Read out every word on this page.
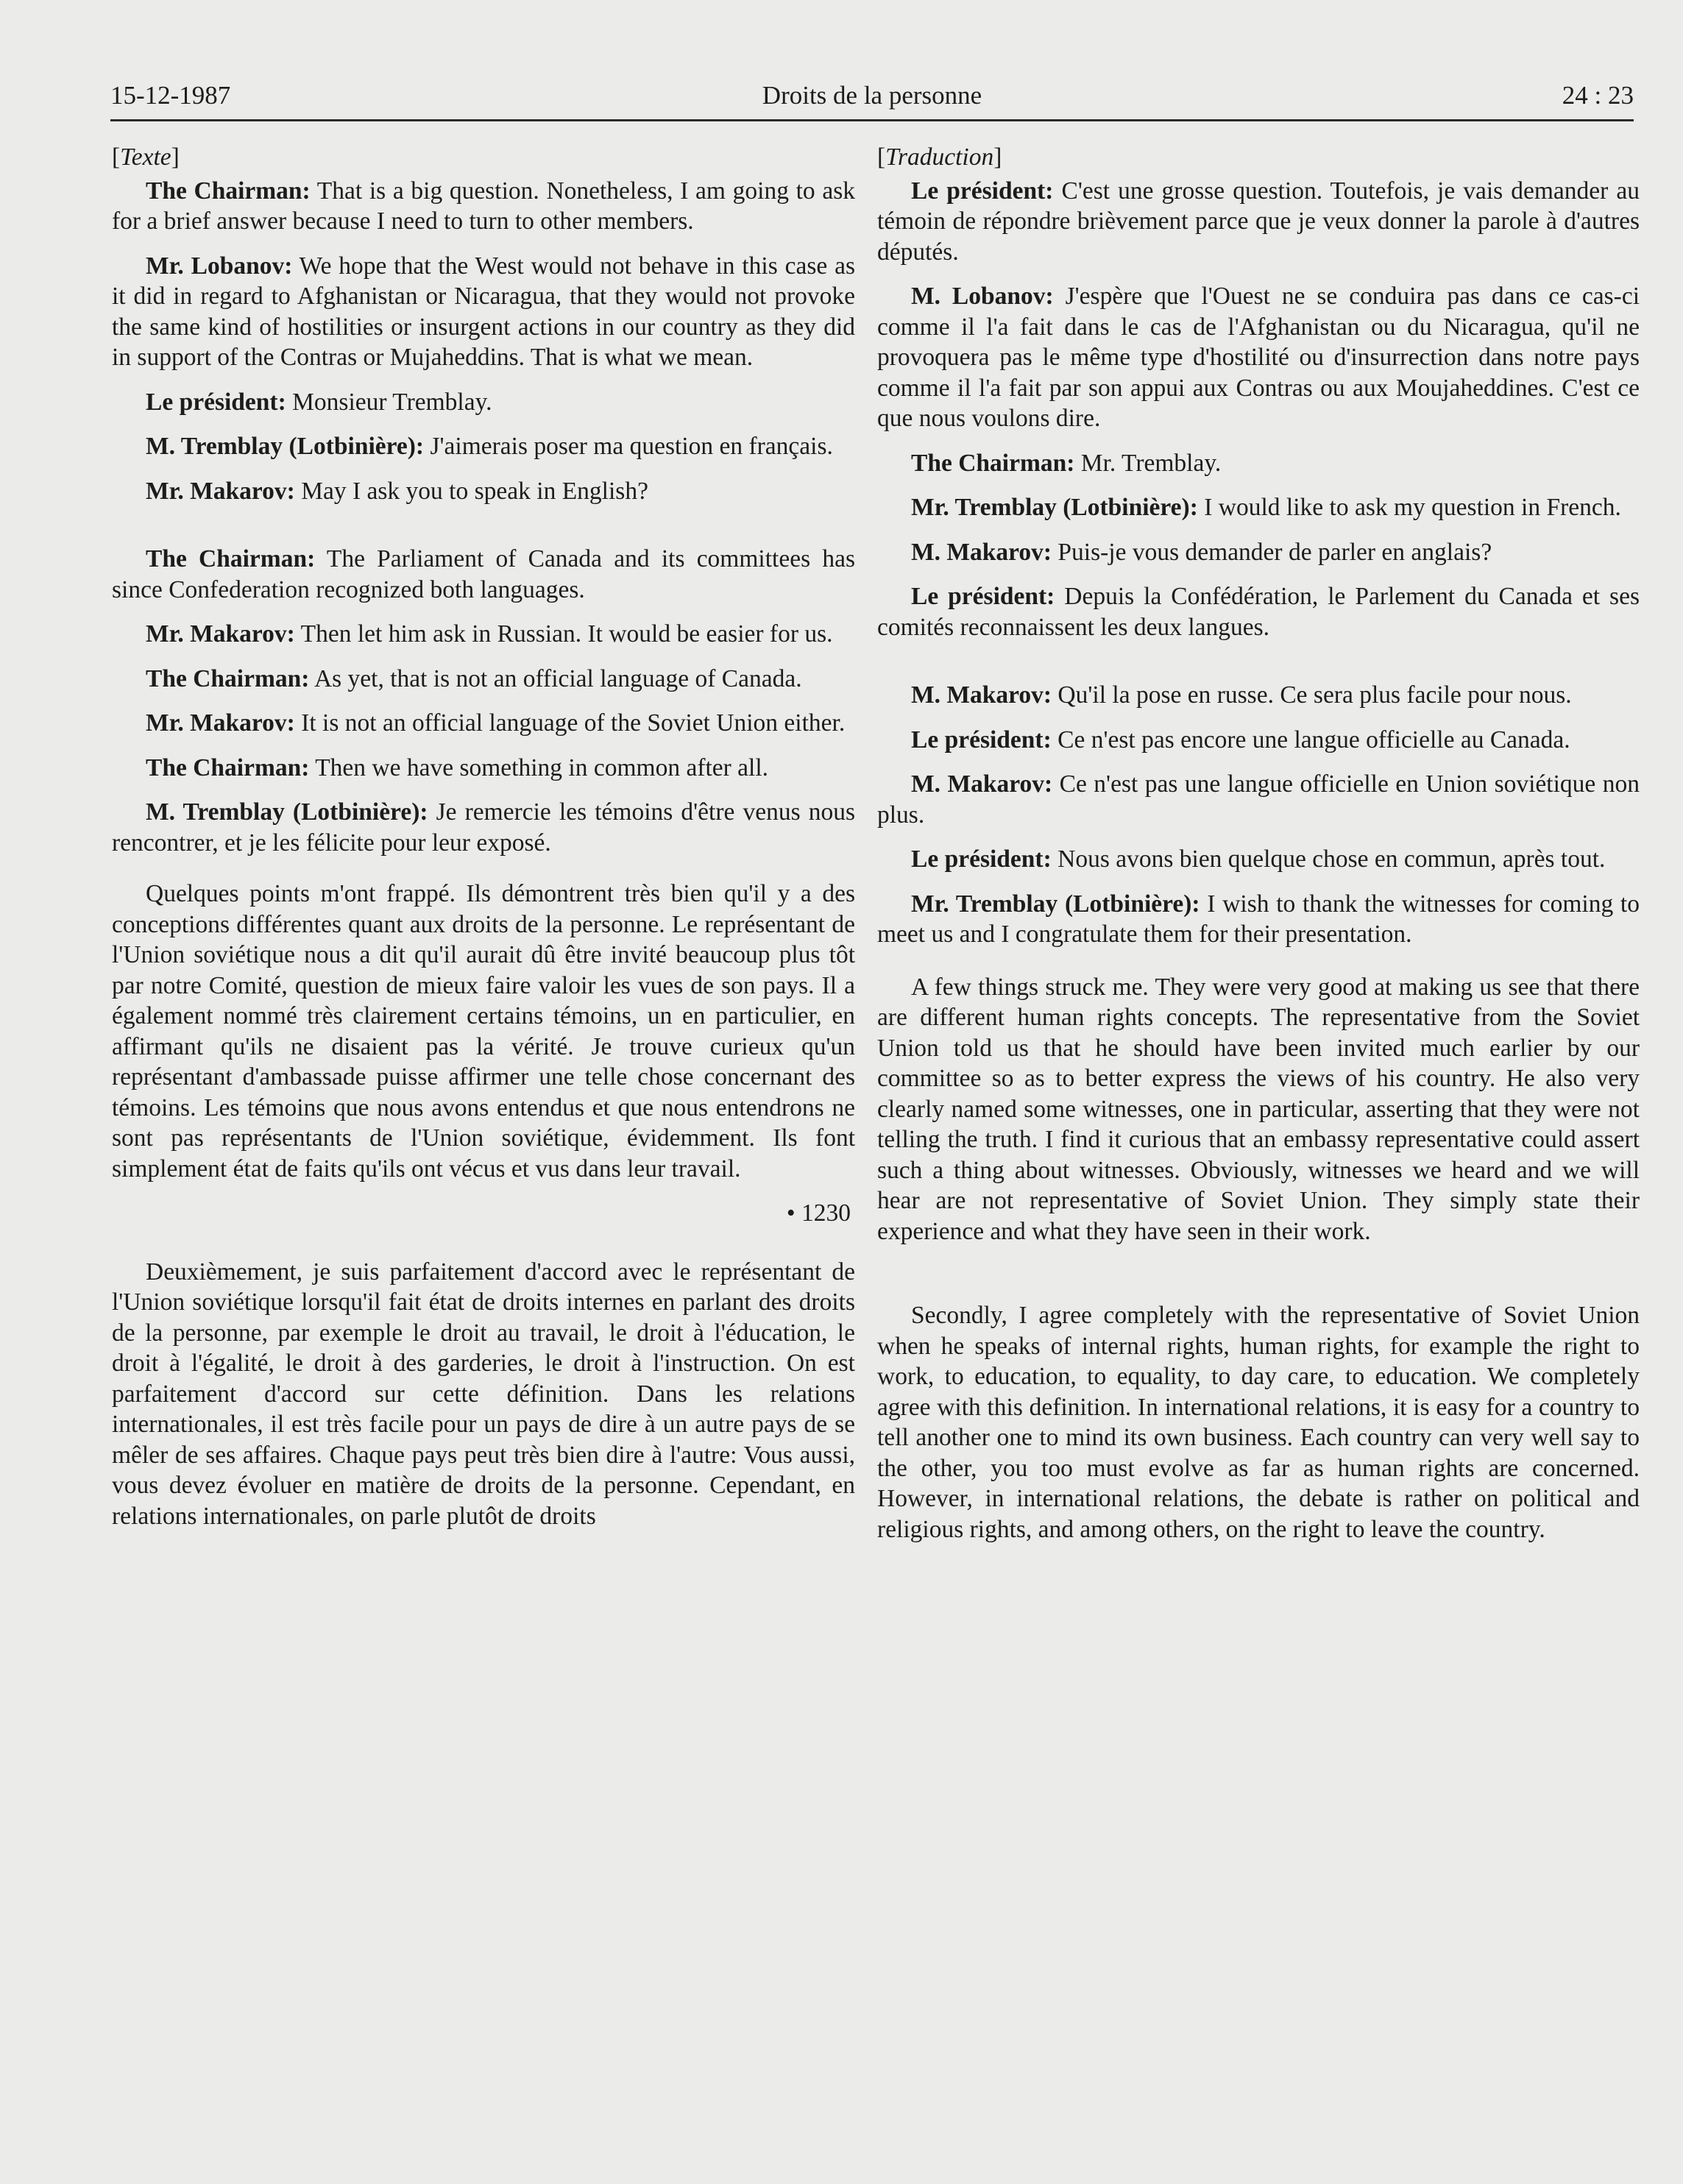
15-12-1987	Droits de la personne	24 : 23
[Texte]

The Chairman: That is a big question. Nonetheless, I am going to ask for a brief answer because I need to turn to other members.

Mr. Lobanov: We hope that the West would not behave in this case as it did in regard to Afghanistan or Nicaragua, that they would not provoke the same kind of hostilities or insurgent actions in our country as they did in support of the Contras or Mujaheddins. That is what we mean.

Le président: Monsieur Tremblay.

M. Tremblay (Lotbinière): J'aimerais poser ma question en français.

Mr. Makarov: May I ask you to speak in English?

The Chairman: The Parliament of Canada and its committees has since Confederation recognized both languages.

Mr. Makarov: Then let him ask in Russian. It would be easier for us.

The Chairman: As yet, that is not an official language of Canada.

Mr. Makarov: It is not an official language of the Soviet Union either.

The Chairman: Then we have something in common after all.

M. Tremblay (Lotbinière): Je remercie les témoins d'être venus nous rencontrer, et je les félicite pour leur exposé.

Quelques points m'ont frappé. Ils démontrent très bien qu'il y a des conceptions différentes quant aux droits de la personne. Le représentant de l'Union soviétique nous a dit qu'il aurait dû être invité beaucoup plus tôt par notre Comité, question de mieux faire valoir les vues de son pays. Il a également nommé très clairement certains témoins, un en particulier, en affirmant qu'ils ne disaient pas la vérité. Je trouve curieux qu'un représentant d'ambassade puisse affirmer une telle chose concernant des témoins. Les témoins que nous avons entendus et que nous entendrons ne sont pas représentants de l'Union soviétique, évidemment. Ils font simplement état de faits qu'ils ont vécus et vus dans leur travail.

• 1230

Deuxièmement, je suis parfaitement d'accord avec le représentant de l'Union soviétique lorsqu'il fait état de droits internes en parlant des droits de la personne, par exemple le droit au travail, le droit à l'éducation, le droit à l'égalité, le droit à des garderies, le droit à l'instruction. On est parfaitement d'accord sur cette définition. Dans les relations internationales, il est très facile pour un pays de dire à un autre pays de se mêler de ses affaires. Chaque pays peut très bien dire à l'autre: Vous aussi, vous devez évoluer en matière de droits de la personne. Cependant, en relations internationales, on parle plutôt de droits

[Traduction]

Le président: C'est une grosse question. Toutefois, je vais demander au témoin de répondre brièvement parce que je veux donner la parole à d'autres députés.

M. Lobanov: J'espère que l'Ouest ne se conduira pas dans ce cas-ci comme il l'a fait dans le cas de l'Afghanistan ou du Nicaragua, qu'il ne provoquera pas le même type d'hostilité ou d'insurrection dans notre pays comme il l'a fait par son appui aux Contras ou aux Moujaheddines. C'est ce que nous voulons dire.

The Chairman: Mr. Tremblay.

Mr. Tremblay (Lotbinière): I would like to ask my question in French.

M. Makarov: Puis-je vous demander de parler en anglais?

Le président: Depuis la Confédération, le Parlement du Canada et ses comités reconnaissent les deux langues.

M. Makarov: Qu'il la pose en russe. Ce sera plus facile pour nous.

Le président: Ce n'est pas encore une langue officielle au Canada.

M. Makarov: Ce n'est pas une langue officielle en Union soviétique non plus.

Le président: Nous avons bien quelque chose en commun, après tout.

Mr. Tremblay (Lotbinière): I wish to thank the witnesses for coming to meet us and I congratulate them for their presentation.

A few things struck me. They were very good at making us see that there are different human rights concepts. The representative from the Soviet Union told us that he should have been invited much earlier by our committee so as to better express the views of his country. He also very clearly named some witnesses, one in particular, asserting that they were not telling the truth. I find it curious that an embassy representative could assert such a thing about witnesses. Obviously, witnesses we heard and we will hear are not representative of Soviet Union. They simply state their experience and what they have seen in their work.

Secondly, I agree completely with the representative of Soviet Union when he speaks of internal rights, human rights, for example the right to work, to education, to equality, to day care, to education. We completely agree with this definition. In international relations, it is easy for a country to tell another one to mind its own business. Each country can very well say to the other, you too must evolve as far as human rights are concerned. However, in international relations, the debate is rather on political and religious rights, and among others, on the right to leave the country.
